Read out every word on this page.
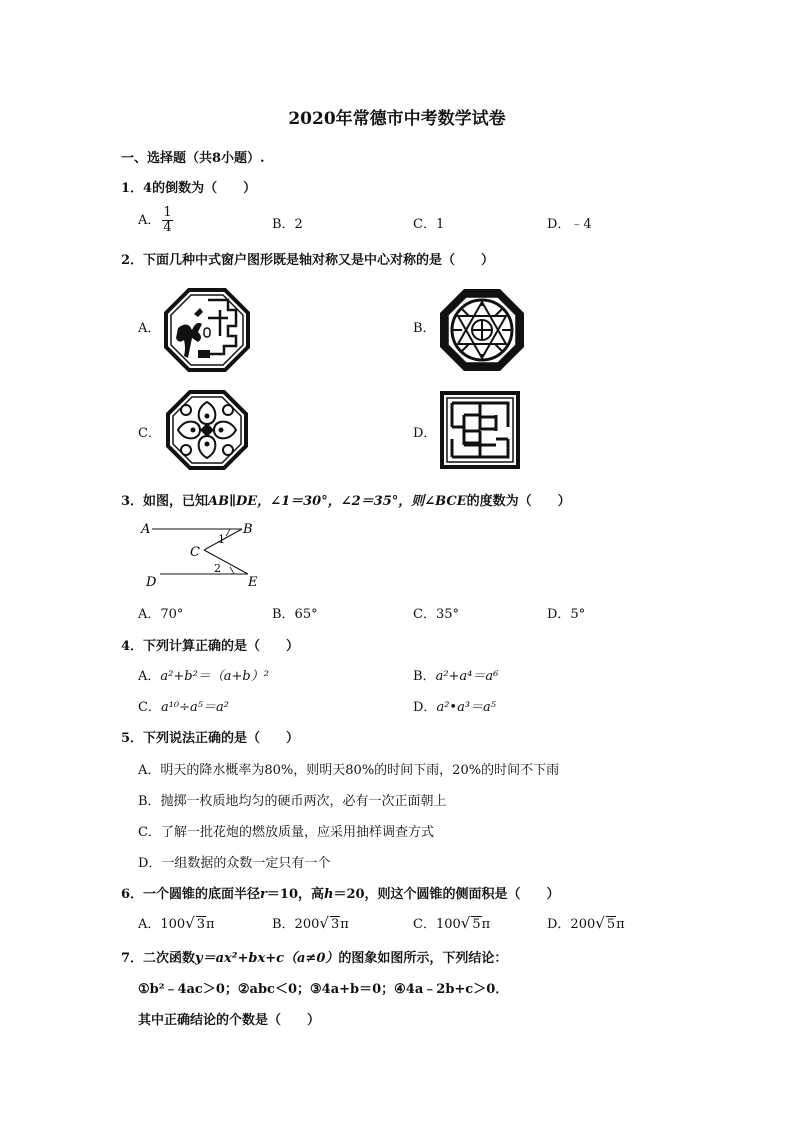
2020年常德市中考数学试卷
一、选择题（共8小题）.
1．4的倒数为（　　）
A． $\frac{1}{4}$	B．2	C．1	D．﹣4
2．下面几种中式窗户图形既是轴对称又是中心对称的是（　　）
A．	B．
C．	D．
3．如图，已知AB∥DE，∠1＝30°，∠2＝35°，则∠BCE的度数为（　　）
A	B
C
D	E
1
2
A．70°	B．65°	C．35°	D．5°
4．下列计算正确的是（　　）
A．a²+b²＝（a+b）²	B．a²+a⁴＝a⁶
C．a¹⁰÷a⁵＝a²	D．a²•a³＝a⁵
5．下列说法正确的是（　　）
A．明天的降水概率为80%，则明天80%的时间下雨，20%的时间不下雨
B．抛掷一枚质地均匀的硬币两次，必有一次正面朝上
C．了解一批花炮的燃放质量，应采用抽样调查方式
D．一组数据的众数一定只有一个
6．一个圆锥的底面半径r＝10，高h＝20，则这个圆锥的侧面积是（　　）
A．100√ 3π	B．200√ 3π	C．100√ 5π	D．200√ 5π
7．二次函数y＝ax²+bx+c（a≠0）的图象如图所示，下列结论：
①b²﹣4ac＞0；②abc＜0；③4a+b＝0；④4a﹣2b+c＞0．
其中正确结论的个数是（　　）
